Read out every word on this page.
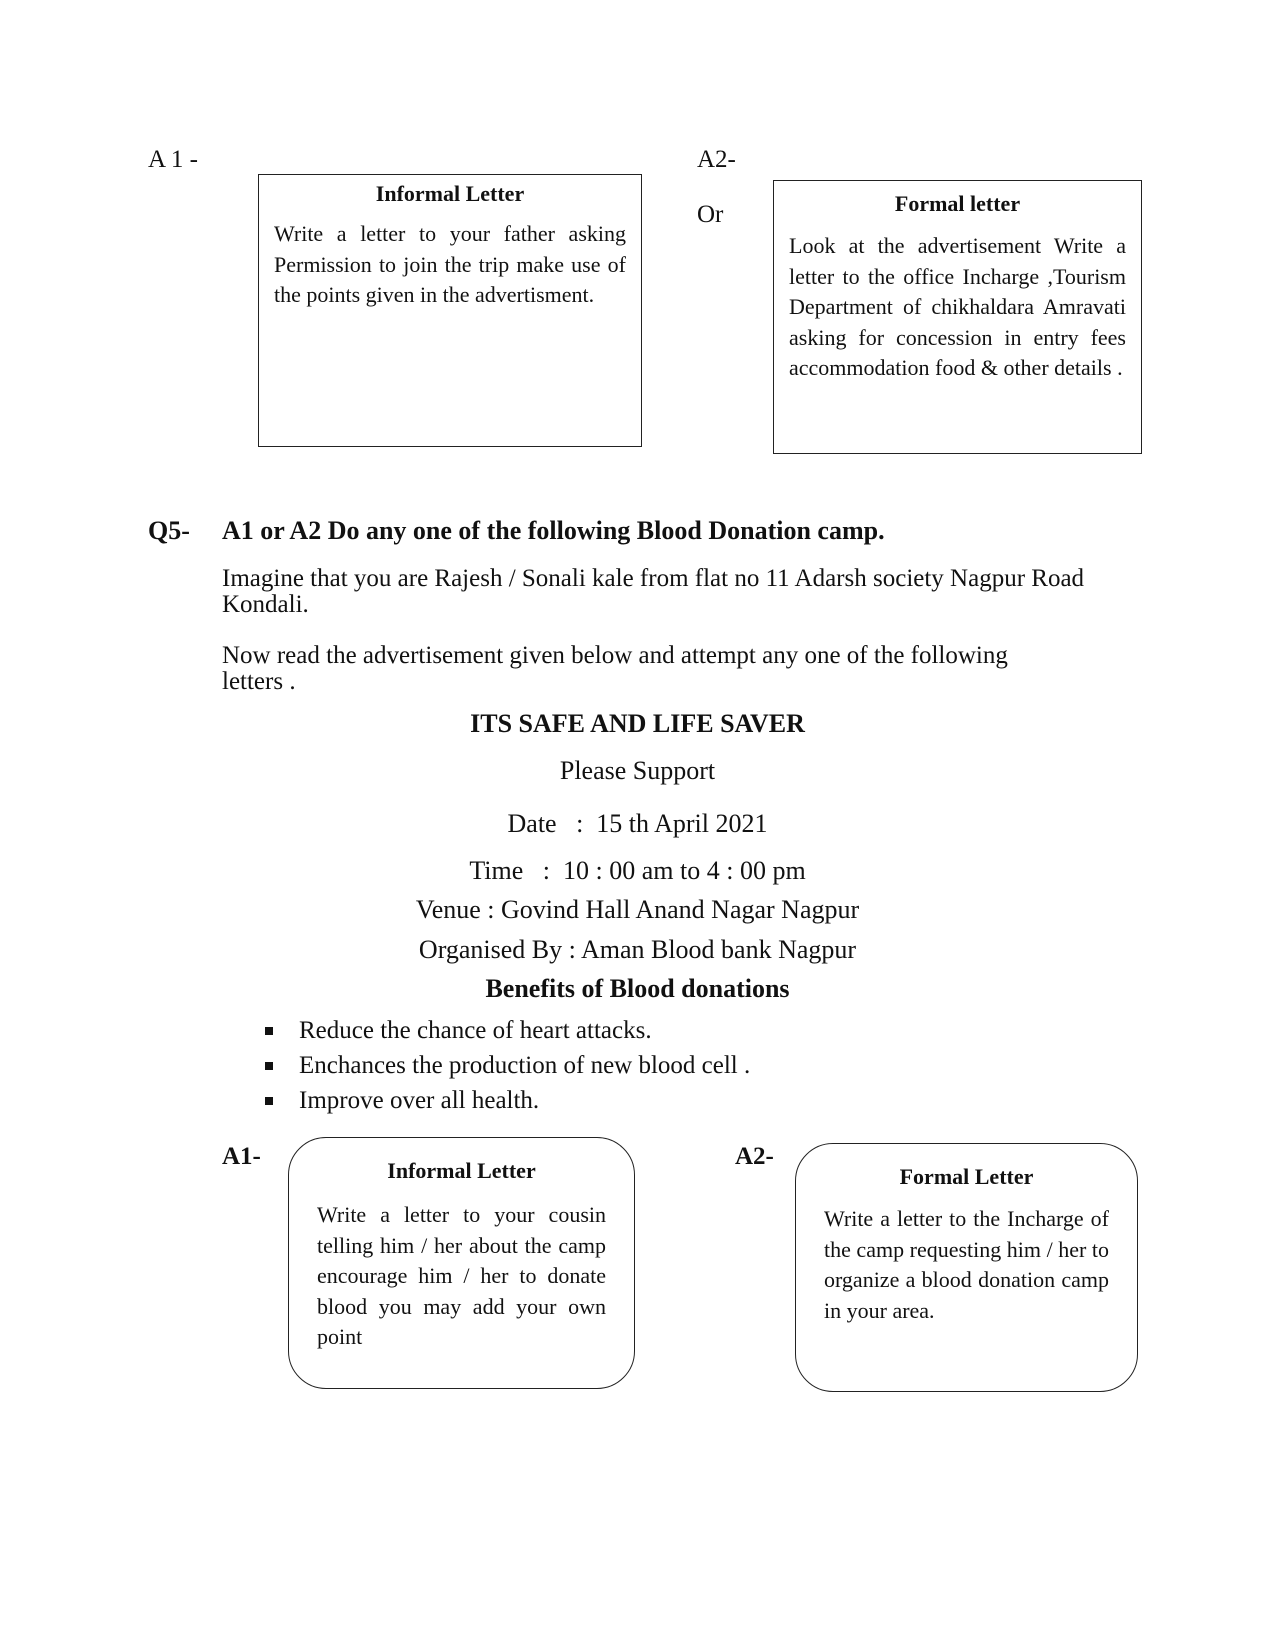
A 1 -	A2-
Or
Informal Letter
Write a letter to your father asking Permission to join the trip make use of the points given in the advertisment.
Formal letter
Look at the advertisement Write a letter to the office Incharge ,Tourism Department of chikhaldara Amravati asking for concession in entry fees accommodation food & other details .
Q5- A1 or A2 Do any one of the following Blood Donation camp.
Imagine that you are Rajesh / Sonali kale from flat no 11 Adarsh society Nagpur Road Kondali.
Now read the advertisement given below and attempt any one of the following letters .
ITS SAFE AND LIFE SAVER
Please Support
Date   :  15 th April 2021
Time   :  10 : 00 am to 4 : 00 pm
Venue : Govind Hall Anand Nagar Nagpur
Organised By : Aman Blood bank Nagpur
Benefits of Blood donations
Reduce the chance of heart attacks.
Enchances the production of new blood cell .
Improve over all health.
A1-	A2-
Informal Letter
Write a letter to your cousin telling him / her about the camp encourage him / her to donate blood you may add your own point
Formal Letter
Write a letter to the Incharge of the camp requesting him / her to organize a blood donation camp in your area.
